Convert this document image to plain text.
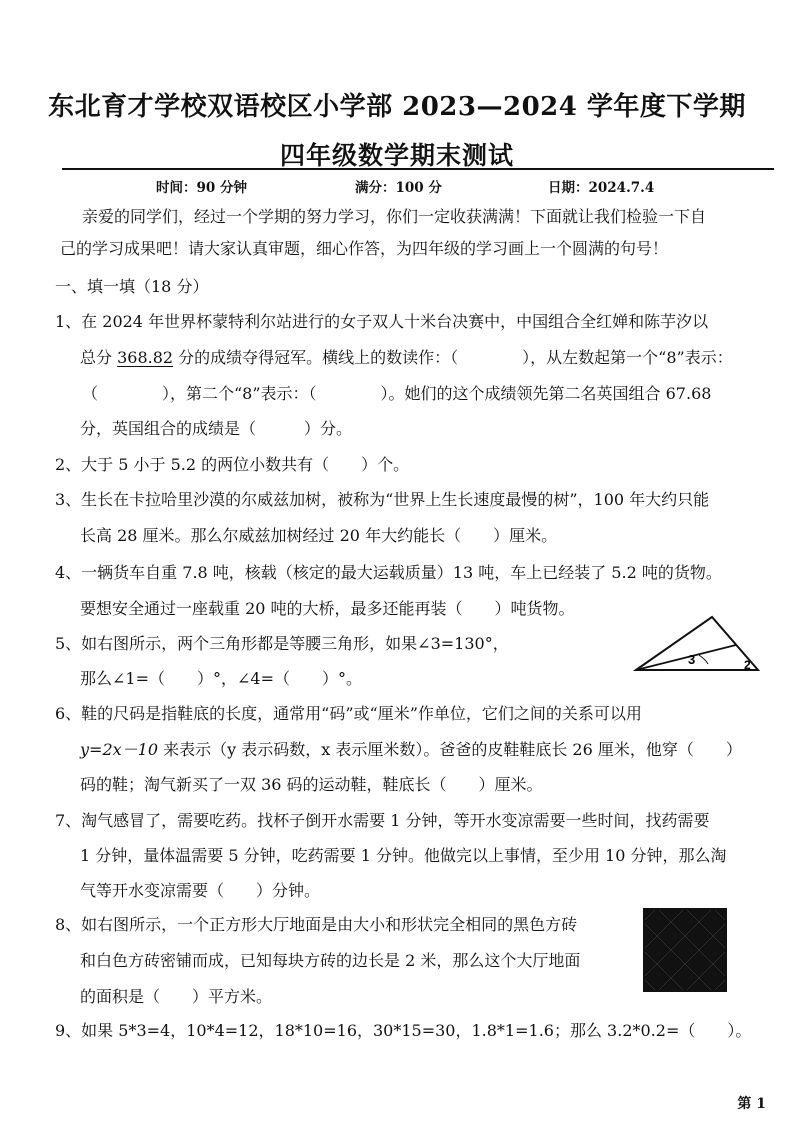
东北育才学校双语校区小学部 2023—2024 学年度下学期
四年级数学期末测试
时间：90 分钟	满分：100 分	日期：2024.7.4
亲爱的同学们，经过一个学期的努力学习，你们一定收获满满！下面就让我们检验一下自
己的学习成果吧！请大家认真审题，细心作答，为四年级的学习画上一个圆满的句号！
一、填一填（18 分）
1、在 2024 年世界杯蒙特利尔站进行的女子双人十米台决赛中，中国组合全红婵和陈芋汐以
总分 368.82 分的成绩夺得冠军。横线上的数读作：（　　　　），从左数起第一个“8”表示：
（　　　　），第二个“8”表示：（　　　　）。她们的这个成绩领先第二名英国组合 67.68
分，英国组合的成绩是（　　　）分。
2、大于 5 小于 5.2 的两位小数共有（　　）个。
3、生长在卡拉哈里沙漠的尔威兹加树，被称为“世界上生长速度最慢的树”，100 年大约只能
长高 28 厘米。那么尔威兹加树经过 20 年大约能长（　　）厘米。
4、一辆货车自重 7.8 吨，核载（核定的最大运载质量）13 吨，车上已经装了 5.2 吨的货物。
要想安全通过一座载重 20 吨的大桥，最多还能再装（　　）吨货物。
5、如右图所示，两个三角形都是等腰三角形，如果∠3=130°，
那么∠1=（　　）°，∠4=（　　）°。
3	2
6、鞋的尺码是指鞋底的长度，通常用“码”或“厘米”作单位，它们之间的关系可以用
y=2x－10 来表示（y 表示码数，x 表示厘米数）。爸爸的皮鞋鞋底长 26 厘米，他穿（　　）
码的鞋；淘气新买了一双 36 码的运动鞋，鞋底长（　　）厘米。
7、淘气感冒了，需要吃药。找杯子倒开水需要 1 分钟，等开水变凉需要一些时间，找药需要
1 分钟，量体温需要 5 分钟，吃药需要 1 分钟。他做完以上事情，至少用 10 分钟，那么淘
气等开水变凉需要（　　）分钟。
8、如右图所示，一个正方形大厅地面是由大小和形状完全相同的黑色方砖
和白色方砖密铺而成，已知每块方砖的边长是 2 米，那么这个大厅地面
的面积是（　　）平方米。
9、如果 5*3=4，10*4=12，18*10=16，30*15=30，1.8*1=1.6；那么 3.2*0.2=（　　）。
第 1
